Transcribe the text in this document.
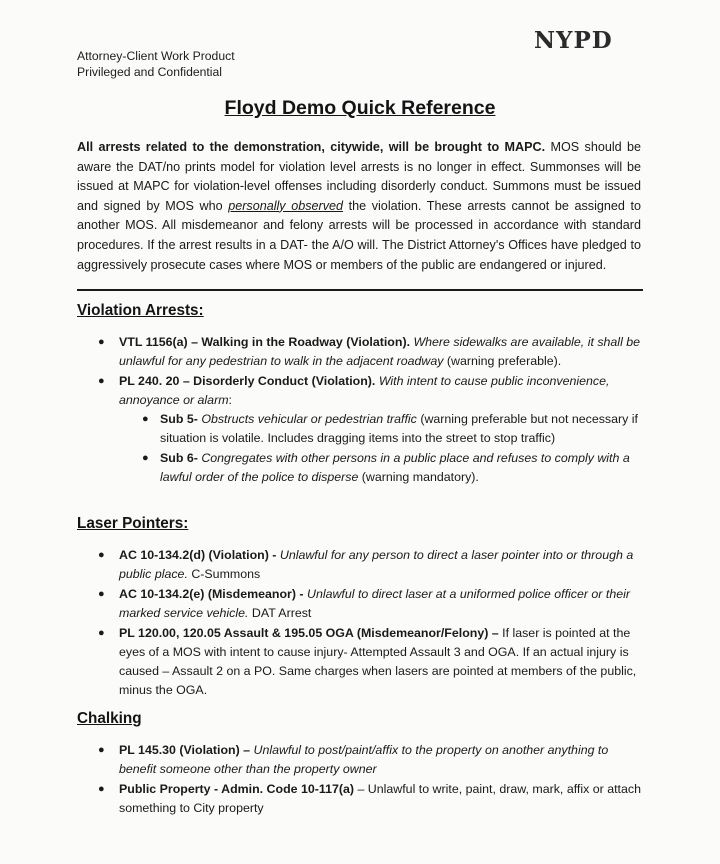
Attorney-Client Work Product
Privileged and Confidential
NYPD
Floyd Demo Quick Reference
All arrests related to the demonstration, citywide, will be brought to MAPC. MOS should be aware the DAT/no prints model for violation level arrests is no longer in effect. Summonses will be issued at MAPC for violation-level offenses including disorderly conduct. Summons must be issued and signed by MOS who personally observed the violation. These arrests cannot be assigned to another MOS. All misdemeanor and felony arrests will be processed in accordance with standard procedures. If the arrest results in a DAT- the A/O will. The District Attorney's Offices have pledged to aggressively prosecute cases where MOS or members of the public are endangered or injured.
Violation Arrests:
● VTL 1156(a) – Walking in the Roadway (Violation). Where sidewalks are available, it shall be unlawful for any pedestrian to walk in the adjacent roadway (warning preferable).
● PL 240. 20 – Disorderly Conduct (Violation). With intent to cause public inconvenience, annoyance or alarm:
● Sub 5- Obstructs vehicular or pedestrian traffic (warning preferable but not necessary if situation is volatile. Includes dragging items into the street to stop traffic)
● Sub 6- Congregates with other persons in a public place and refuses to comply with a lawful order of the police to disperse (warning mandatory).
Laser Pointers:
● AC 10-134.2(d) (Violation) - Unlawful for any person to direct a laser pointer into or through a public place. C-Summons
● AC 10-134.2(e) (Misdemeanor) - Unlawful to direct laser at a uniformed police officer or their marked service vehicle. DAT Arrest
● PL 120.00, 120.05 Assault & 195.05 OGA (Misdemeanor/Felony) – If laser is pointed at the eyes of a MOS with intent to cause injury- Attempted Assault 3 and OGA. If an actual injury is caused – Assault 2 on a PO. Same charges when lasers are pointed at members of the public, minus the OGA.
Chalking
● PL 145.30 (Violation) – Unlawful to post/paint/affix to the property on another anything to benefit someone other than the property owner
● Public Property - Admin. Code 10-117(a) – Unlawful to write, paint, draw, mark, affix or attach something to City property
